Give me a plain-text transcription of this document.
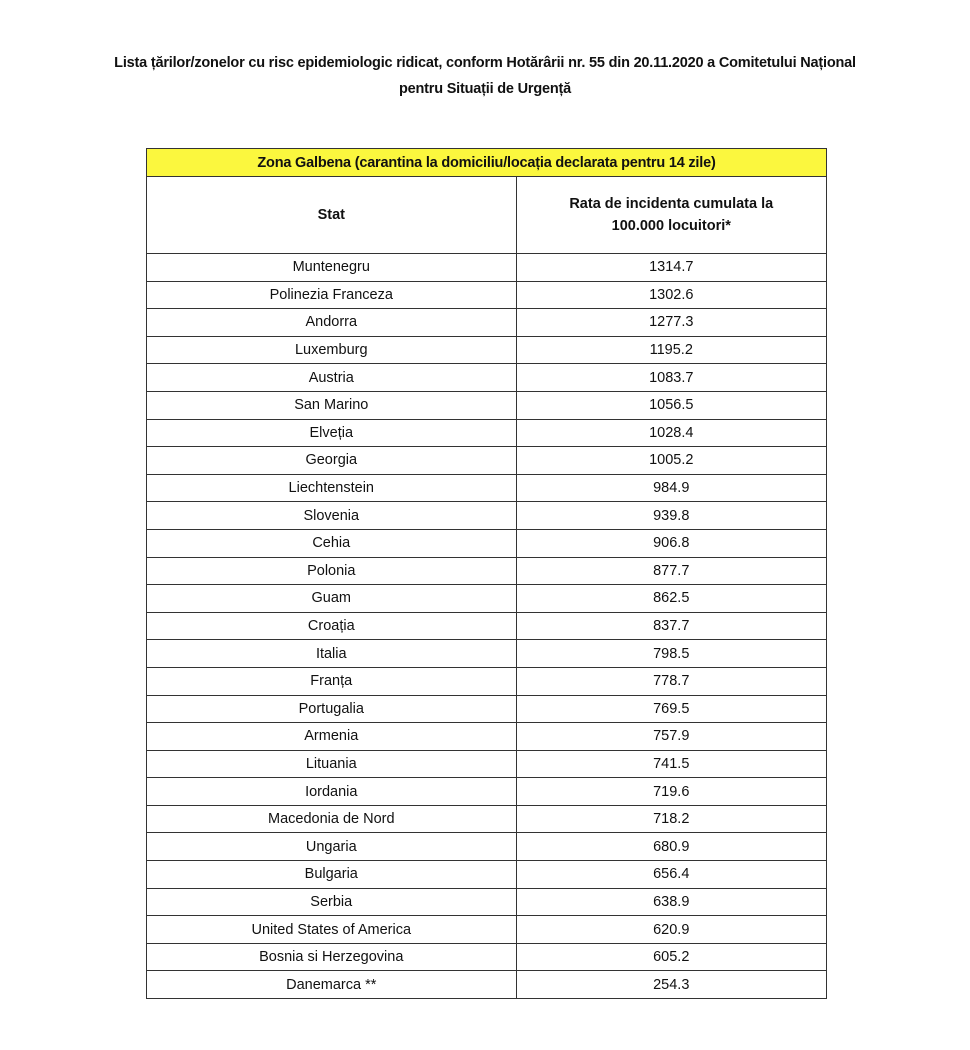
Lista țărilor/zonelor cu risc epidemiologic ridicat, conform Hotărârii nr. 55 din 20.11.2020 a Comitetului Național
pentru Situații de Urgență
Zona Galbena (carantina la domiciliu/locația declarata pentru 14 zile)	
Stat	Rata de incidenta cumulata la
100.000 locuitori*

Muntenegru	1314.7
Polinezia Franceza	1302.6
Andorra	1277.3
Luxemburg	1195.2
Austria	1083.7
San Marino	1056.5
Elveția	1028.4
Georgia	1005.2
Liechtenstein	984.9
Slovenia	939.8
Cehia	906.8
Polonia	877.7
Guam	862.5
Croația	837.7
Italia	798.5
Franța	778.7
Portugalia	769.5
Armenia	757.9
Lituania	741.5
Iordania	719.6
Macedonia de Nord	718.2
Ungaria	680.9
Bulgaria	656.4
Serbia	638.9
United States of America	620.9
Bosnia si Herzegovina	605.2
Danemarca **	254.3
